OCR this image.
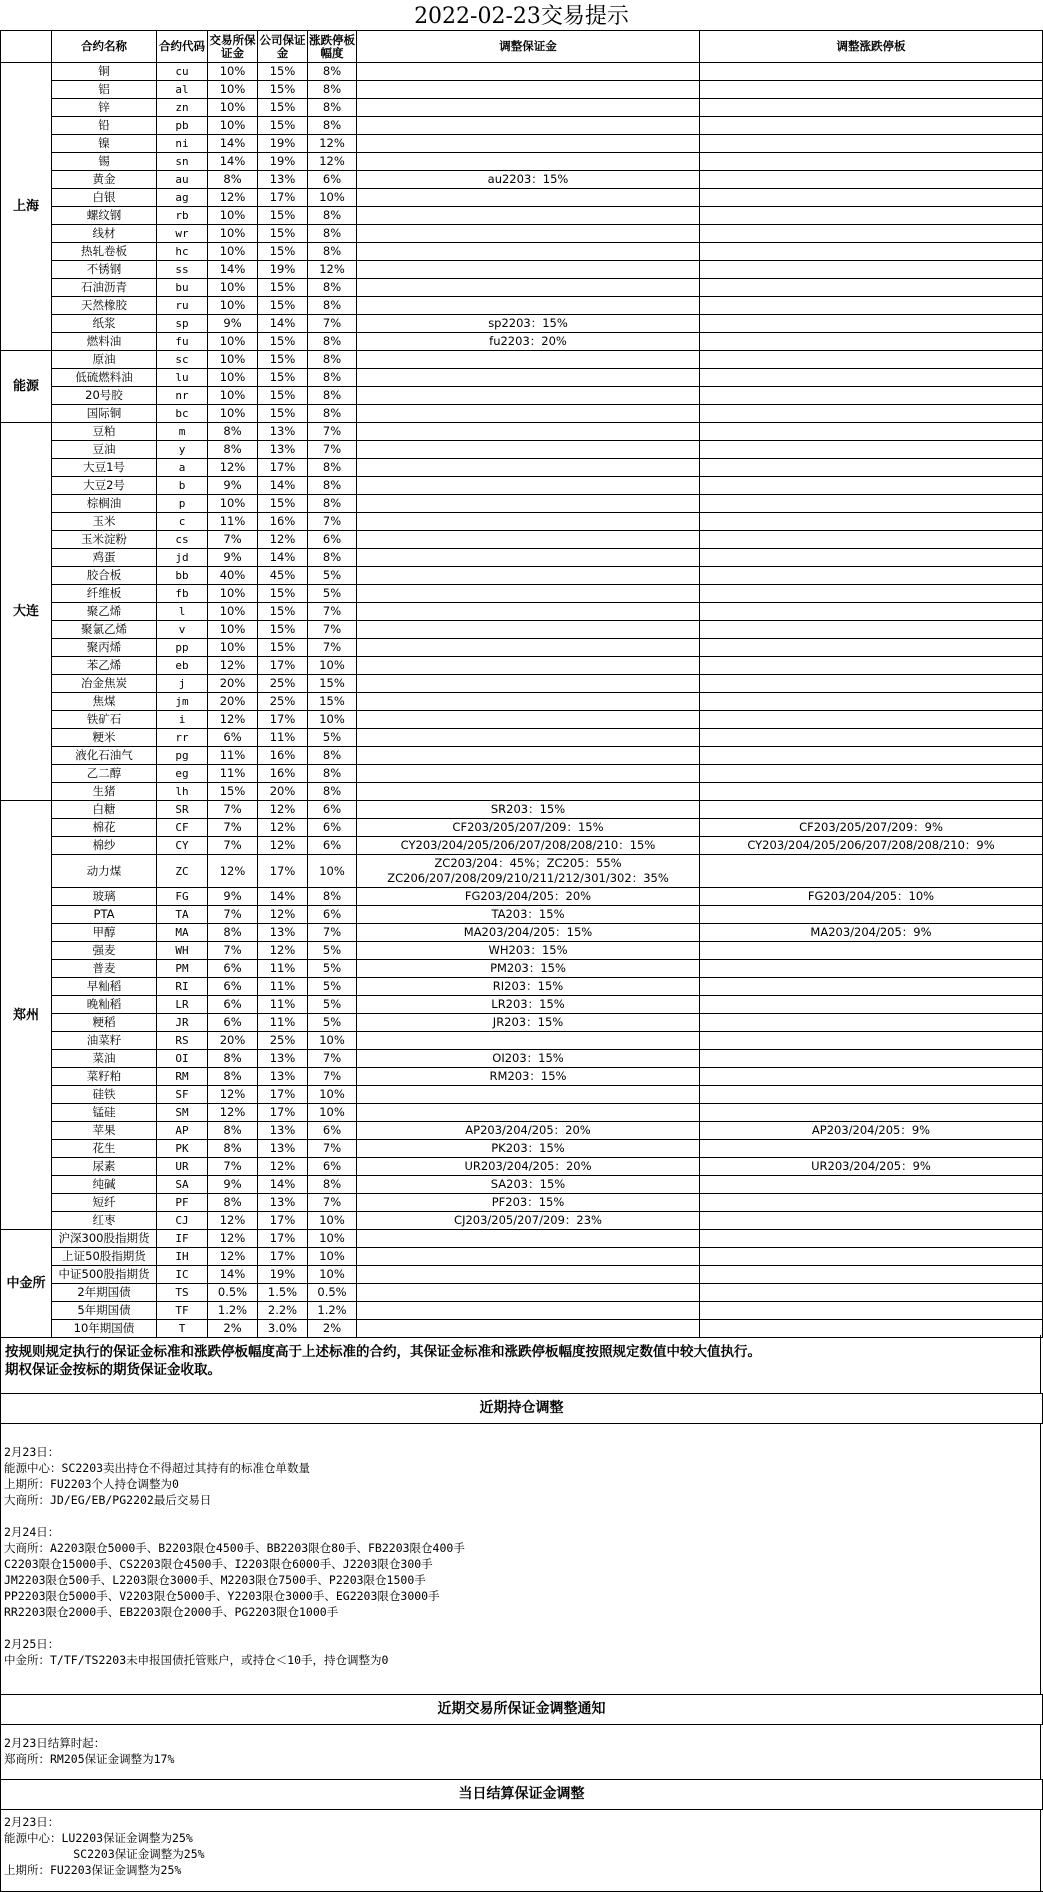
2022-02-23交易提示
	合约名称	合约代码	交易所保证金	公司保证金	涨跌停板幅度	调整保证金	调整涨跌停板
上海	铜	cu	10%	15%	8%		
	铝	al	10%	15%	8%		
	锌	zn	10%	15%	8%		
	铅	pb	10%	15%	8%		
	镍	ni	14%	19%	12%		
	锡	sn	14%	19%	12%		
	黄金	au	8%	13%	6%	au2203：15%	
	白银	ag	12%	17%	10%		
	螺纹钢	rb	10%	15%	8%		
	线材	wr	10%	15%	8%		
	热轧卷板	hc	10%	15%	8%		
	不锈钢	ss	14%	19%	12%		
	石油沥青	bu	10%	15%	8%		
	天然橡胶	ru	10%	15%	8%		
	纸浆	sp	9%	14%	7%	sp2203：15%	
	燃料油	fu	10%	15%	8%	fu2203：20%	
能源	原油	sc	10%	15%	8%		
	低硫燃料油	lu	10%	15%	8%		
	20号胶	nr	10%	15%	8%		
	国际铜	bc	10%	15%	8%		
大连	豆粕	m	8%	13%	7%		
	豆油	y	8%	13%	7%		
	大豆1号	a	12%	17%	8%		
	大豆2号	b	9%	14%	8%		
	棕榈油	p	10%	15%	8%		
	玉米	c	11%	16%	7%		
	玉米淀粉	cs	7%	12%	6%		
	鸡蛋	jd	9%	14%	8%		
	胶合板	bb	40%	45%	5%		
	纤维板	fb	10%	15%	5%		
	聚乙烯	l	10%	15%	7%		
	聚氯乙烯	v	10%	15%	7%		
	聚丙烯	pp	10%	15%	7%		
	苯乙烯	eb	12%	17%	10%		
	冶金焦炭	j	20%	25%	15%		
	焦煤	jm	20%	25%	15%		
	铁矿石	i	12%	17%	10%		
	粳米	rr	6%	11%	5%		
	液化石油气	pg	11%	16%	8%		
	乙二醇	eg	11%	16%	8%		
	生猪	lh	15%	20%	8%		
郑州	白糖	SR	7%	12%	6%	SR203：15%	
	棉花	CF	7%	12%	6%	CF203/205/207/209：15%	CF203/205/207/209：9%
	棉纱	CY	7%	12%	6%	CY203/204/205/206/207/208/208/210：15%	CY203/204/205/206/207/208/208/210：9%
	动力煤	ZC	12%	17%	10%	ZC203/204：45%；ZC205：55%
ZC206/207/208/209/210/211/212/301/302：35%	

	玻璃	FG	9%	14%	8%	FG203/204/205：20%	FG203/204/205：10%
	PTA	TA	7%	12%	6%	TA203：15%	
	甲醇	MA	8%	13%	7%	MA203/204/205：15%	MA203/204/205：9%
	强麦	WH	7%	12%	5%	WH203：15%	
	普麦	PM	6%	11%	5%	PM203：15%	
	早籼稻	RI	6%	11%	5%	RI203：15%	
	晚籼稻	LR	6%	11%	5%	LR203：15%	
	粳稻	JR	6%	11%	5%	JR203：15%	
	油菜籽	RS	20%	25%	10%		
	菜油	OI	8%	13%	7%	OI203：15%	
	菜籽粕	RM	8%	13%	7%	RM203：15%	
	硅铁	SF	12%	17%	10%		
	锰硅	SM	12%	17%	10%		
	苹果	AP	8%	13%	6%	AP203/204/205：20%	AP203/204/205：9%
	花生	PK	8%	13%	7%	PK203：15%	
	尿素	UR	7%	12%	6%	UR203/204/205：20%	UR203/204/205：9%
	纯碱	SA	9%	14%	8%	SA203：15%	
	短纤	PF	8%	13%	7%	PF203：15%	
	红枣	CJ	12%	17%	10%	CJ203/205/207/209：23%	
中金所	沪深300股指期货	IF	12%	17%	10%		
	上证50股指期货	IH	12%	17%	10%		
	中证500股指期货	IC	14%	19%	10%		
	2年期国债	TS	0.5%	1.5%	0.5%		
	5年期国债	TF	1.2%	2.2%	1.2%		
	10年期国债	T	2%	3.0%	2%		
按规则规定执行的保证金标准和涨跌停板幅度高于上述标准的合约，其保证金标准和涨跌停板幅度按照规定数值中较大值执行。
期权保证金按标的期货保证金收取。
近期持仓调整
2月23日：
能源中心：SC2203卖出持仓不得超过其持有的标准仓单数量
上期所：FU2203个人持仓调整为0
大商所：JD/EG/EB/PG2202最后交易日
2月24日：
大商所：A2203限仓5000手、B2203限仓4500手、BB2203限仓80手、FB2203限仓400手
C2203限仓15000手、CS2203限仓4500手、I2203限仓6000手、J2203限仓300手
JM2203限仓500手、L2203限仓3000手、M2203限仓7500手、P2203限仓1500手
PP2203限仓5000手、V2203限仓5000手、Y2203限仓3000手、EG2203限仓3000手
RR2203限仓2000手、EB2203限仓2000手、PG2203限仓1000手
2月25日：
中金所：T/TF/TS2203未申报国债托管账户，或持仓＜10手，持仓调整为0
近期交易所保证金调整通知
2月23日结算时起：
郑商所：RM205保证金调整为17%
当日结算保证金调整
2月23日：
能源中心：LU2203保证金调整为25%
SC2203保证金调整为25%
上期所：FU2203保证金调整为25%
